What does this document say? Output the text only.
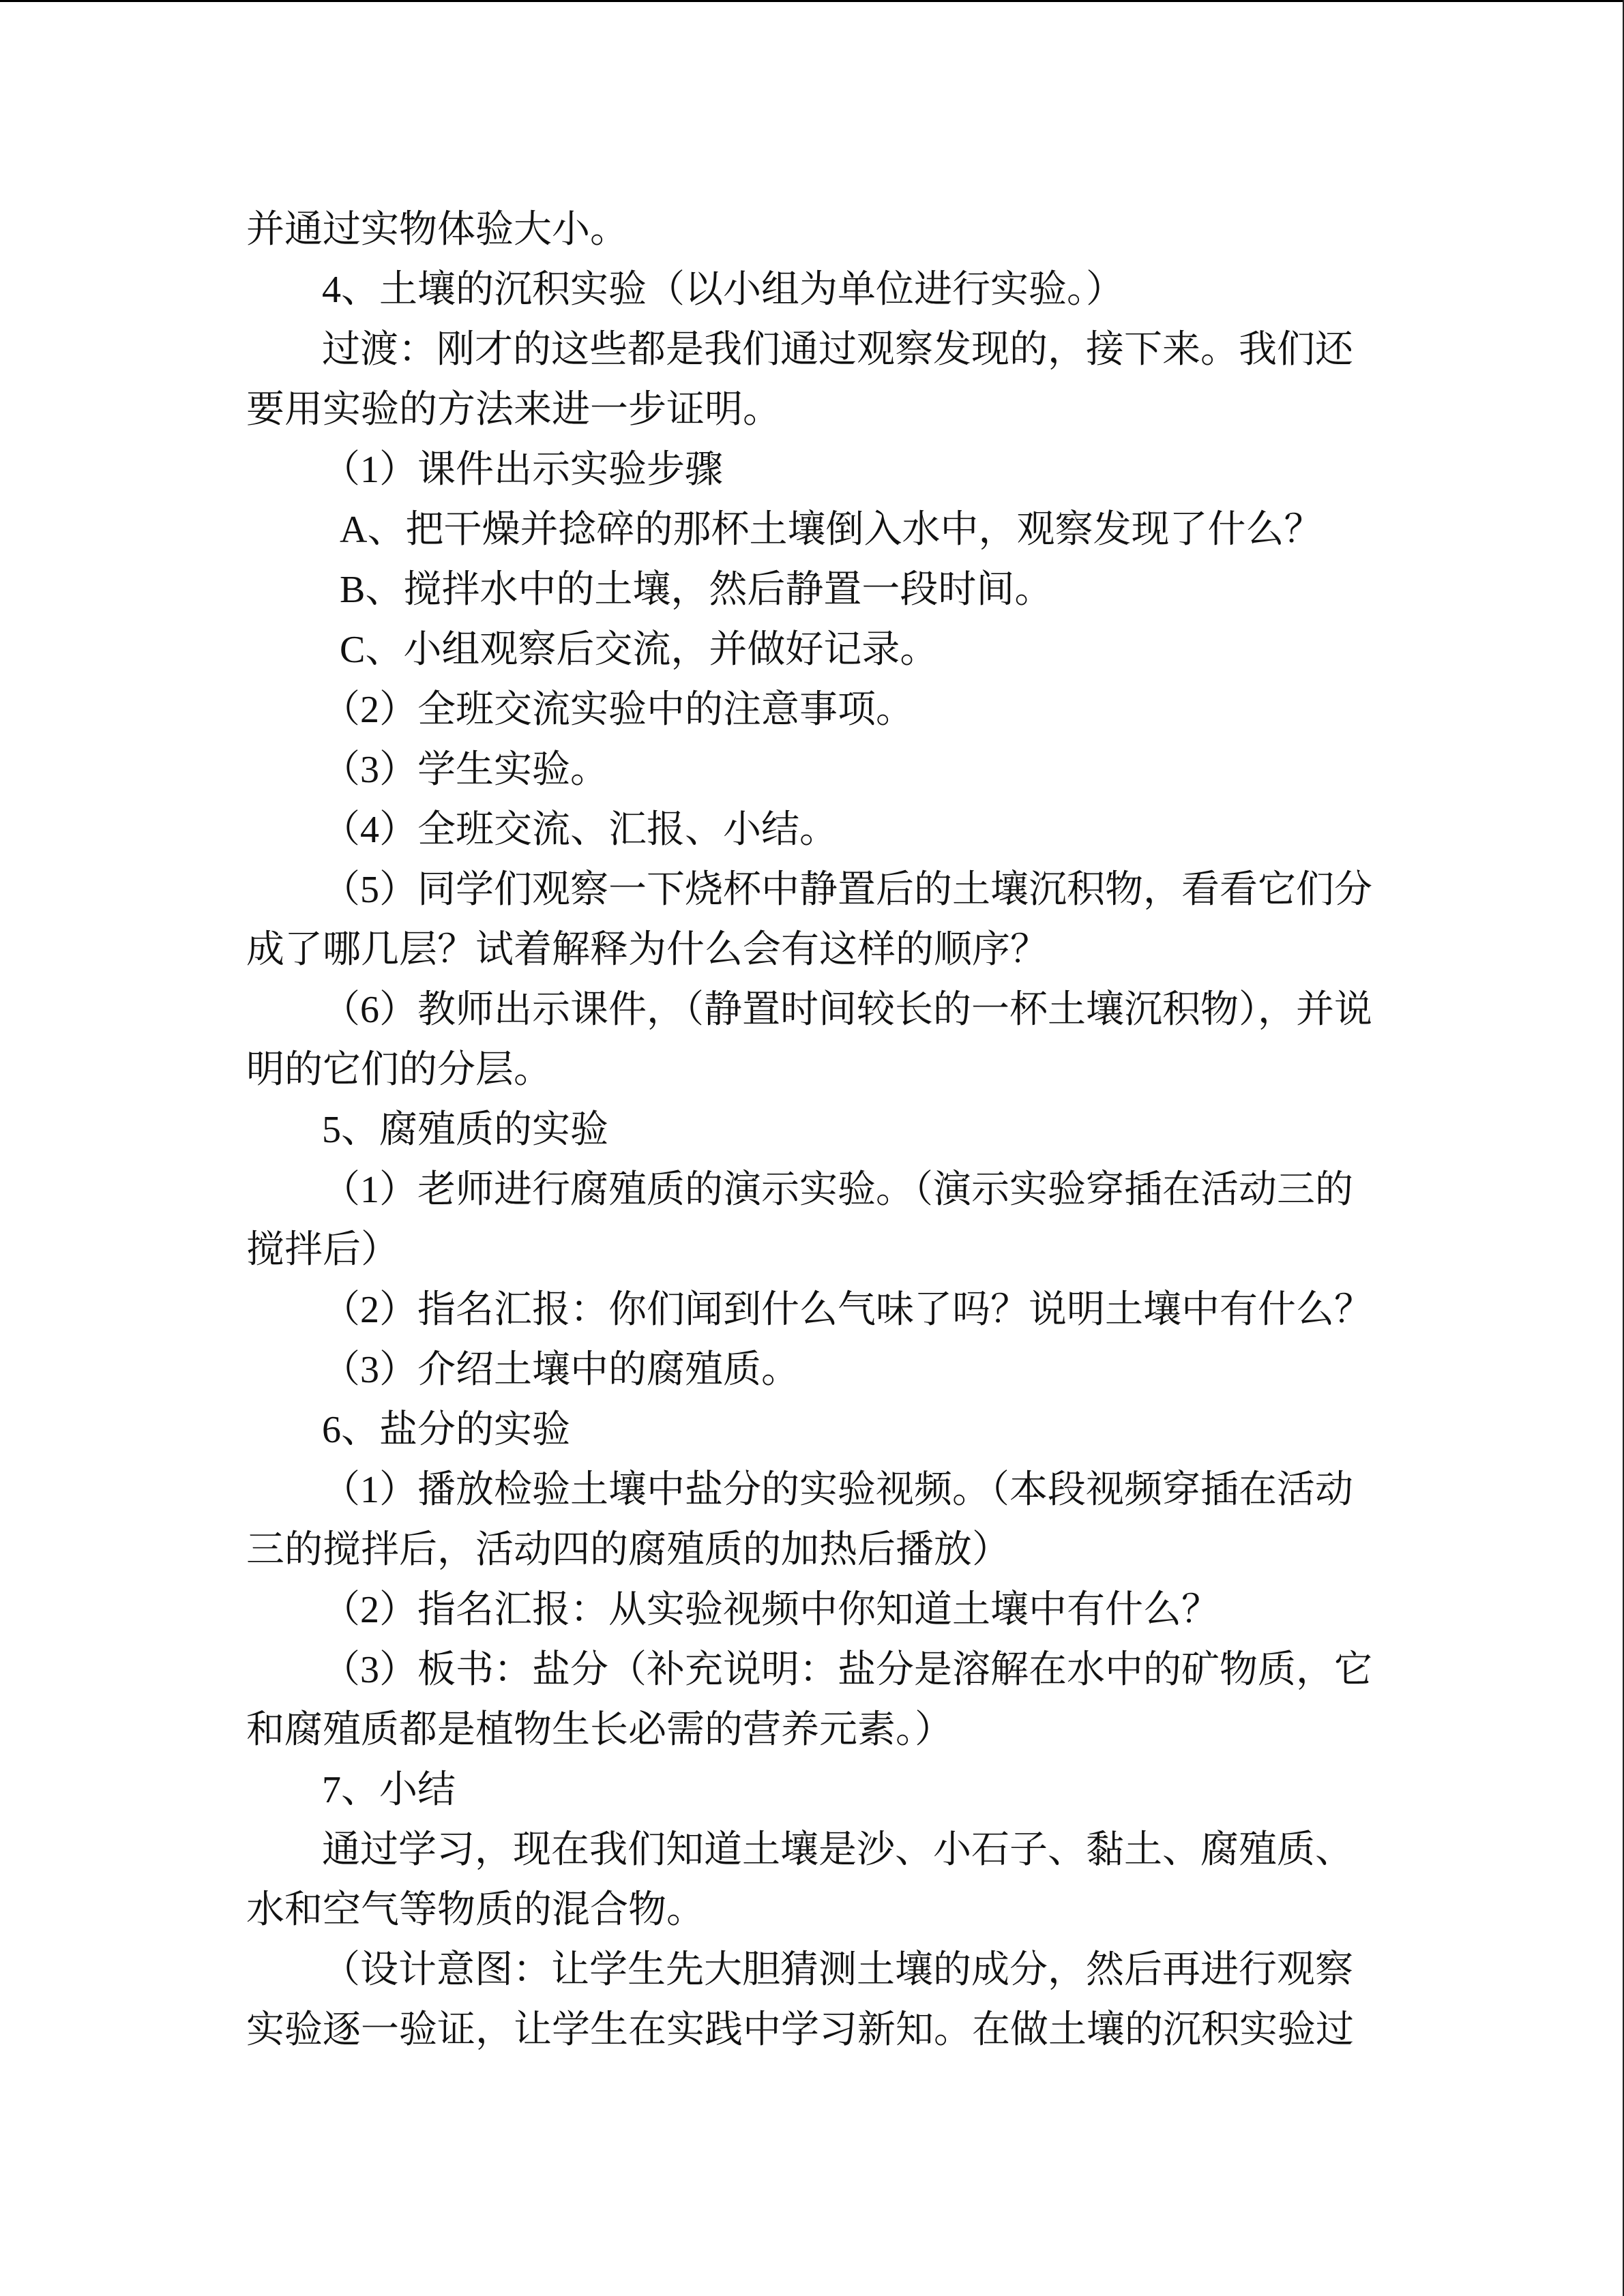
并通过实物体验大小。
4、土壤的沉积实验（以小组为单位进行实验。）
过渡：刚才的这些都是我们通过观察发现的，接下来。我们还
要用实验的方法来进一步证明。
（1）课件出示实验步骤
A、把干燥并捻碎的那杯土壤倒入水中，观察发现了什么？
B、搅拌水中的土壤，然后静置一段时间。
C、小组观察后交流，并做好记录。
（2）全班交流实验中的注意事项。
（3）学生实验。
（4）全班交流、汇报、小结。
（5）同学们观察一下烧杯中静置后的土壤沉积物，看看它们分
成了哪几层？试着解释为什么会有这样的顺序？
（6）教师出示课件，（静置时间较长的一杯土壤沉积物），并说
明的它们的分层。
5、腐殖质的实验
（1）老师进行腐殖质的演示实验。（演示实验穿插在活动三的
搅拌后）
（2）指名汇报：你们闻到什么气味了吗？说明土壤中有什么？
（3）介绍土壤中的腐殖质。
6、盐分的实验
（1）播放检验土壤中盐分的实验视频。（本段视频穿插在活动
三的搅拌后，活动四的腐殖质的加热后播放）
（2）指名汇报：从实验视频中你知道土壤中有什么？
（3）板书：盐分（补充说明：盐分是溶解在水中的矿物质，它
和腐殖质都是植物生长必需的营养元素。）
7、小结
通过学习，现在我们知道土壤是沙、小石子、黏土、腐殖质、
水和空气等物质的混合物。
（设计意图：让学生先大胆猜测土壤的成分，然后再进行观察
实验逐一验证，让学生在实践中学习新知。在做土壤的沉积实验过
